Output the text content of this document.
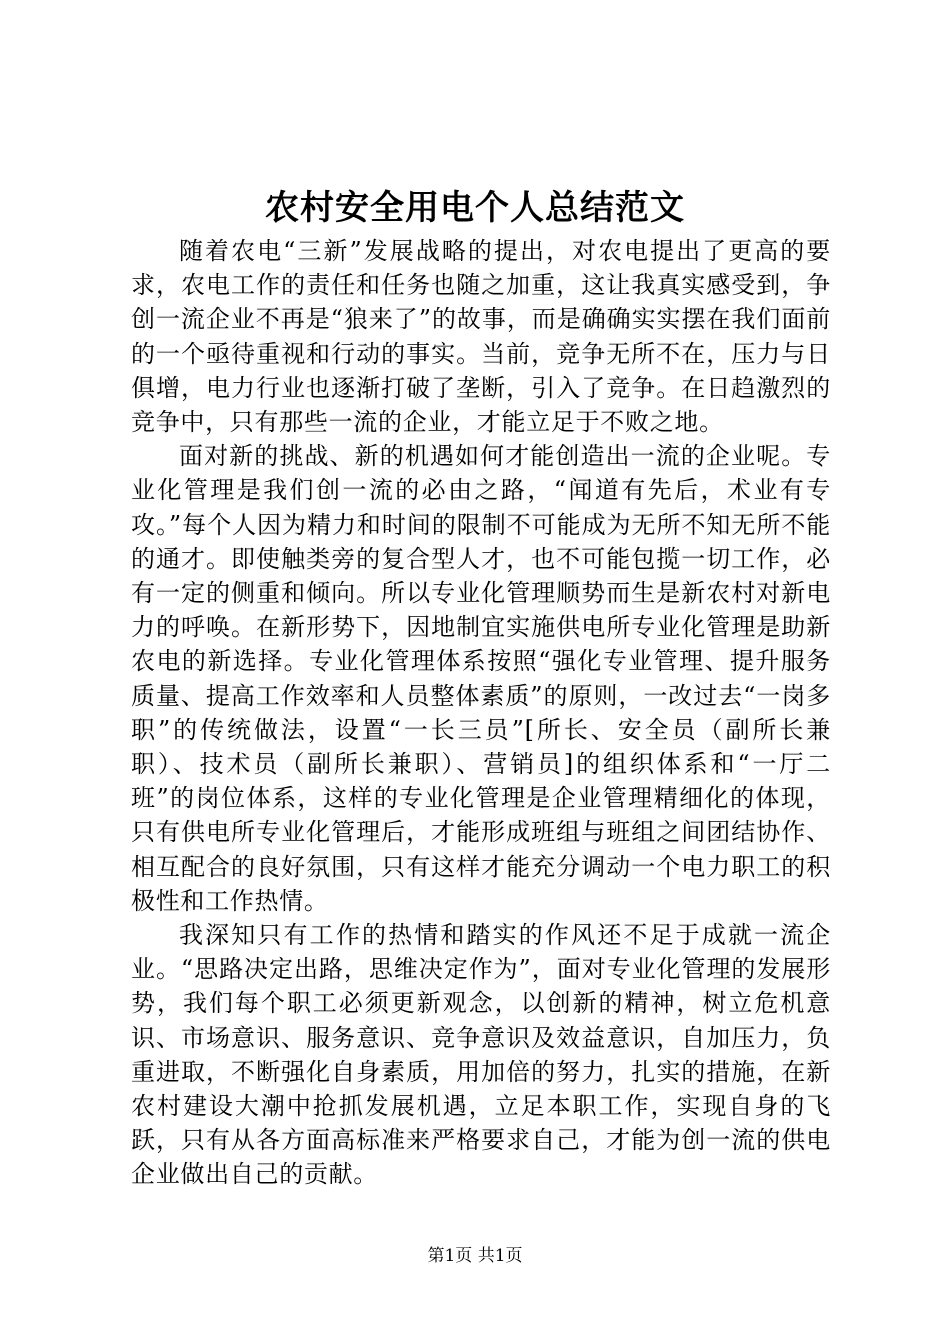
农村安全用电个人总结范文

随着农电“三新”发展战略的提出，对农电提出了更高的要求，农电工作的责任和任务也随之加重，这让我真实感受到，争创一流企业不再是“狼来了”的故事，而是确确实实摆在我们面前的一个亟待重视和行动的事实。当前，竞争无所不在，压力与日俱增，电力行业也逐渐打破了垄断，引入了竞争。在日趋激烈的竞争中，只有那些一流的企业，才能立足于不败之地。

面对新的挑战、新的机遇如何才能创造出一流的企业呢。专业化管理是我们创一流的必由之路，“闻道有先后，术业有专攻。”每个人因为精力和时间的限制不可能成为无所不知无所不能的通才。即使触类旁的复合型人才，也不可能包揽一切工作，必有一定的侧重和倾向。所以专业化管理顺势而生是新农村对新电力的呼唤。在新形势下，因地制宜实施供电所专业化管理是助新农电的新选择。专业化管理体系按照“强化专业管理、提升服务质量、提高工作效率和人员整体素质”的原则，一改过去“一岗多职”的传统做法，设置“一长三员”[所长、安全员（副所长兼职）、技术员（副所长兼职）、营销员]的组织体系和“一厅二班”的岗位体系，这样的专业化管理是企业管理精细化的体现，只有供电所专业化管理后，才能形成班组与班组之间团结协作、相互配合的良好氛围，只有这样才能充分调动一个电力职工的积极性和工作热情。

我深知只有工作的热情和踏实的作风还不足于成就一流企业。“思路决定出路，思维决定作为”，面对专业化管理的发展形势，我们每个职工必须更新观念，以创新的精神，树立危机意识、市场意识、服务意识、竞争意识及效益意识，自加压力，负重进取，不断强化自身素质，用加倍的努力，扎实的措施，在新农村建设大潮中抢抓发展机遇，立足本职工作，实现自身的飞跃，只有从各方面高标准来严格要求自己，才能为创一流的供电企业做出自己的贡献。

第1页 共1页
